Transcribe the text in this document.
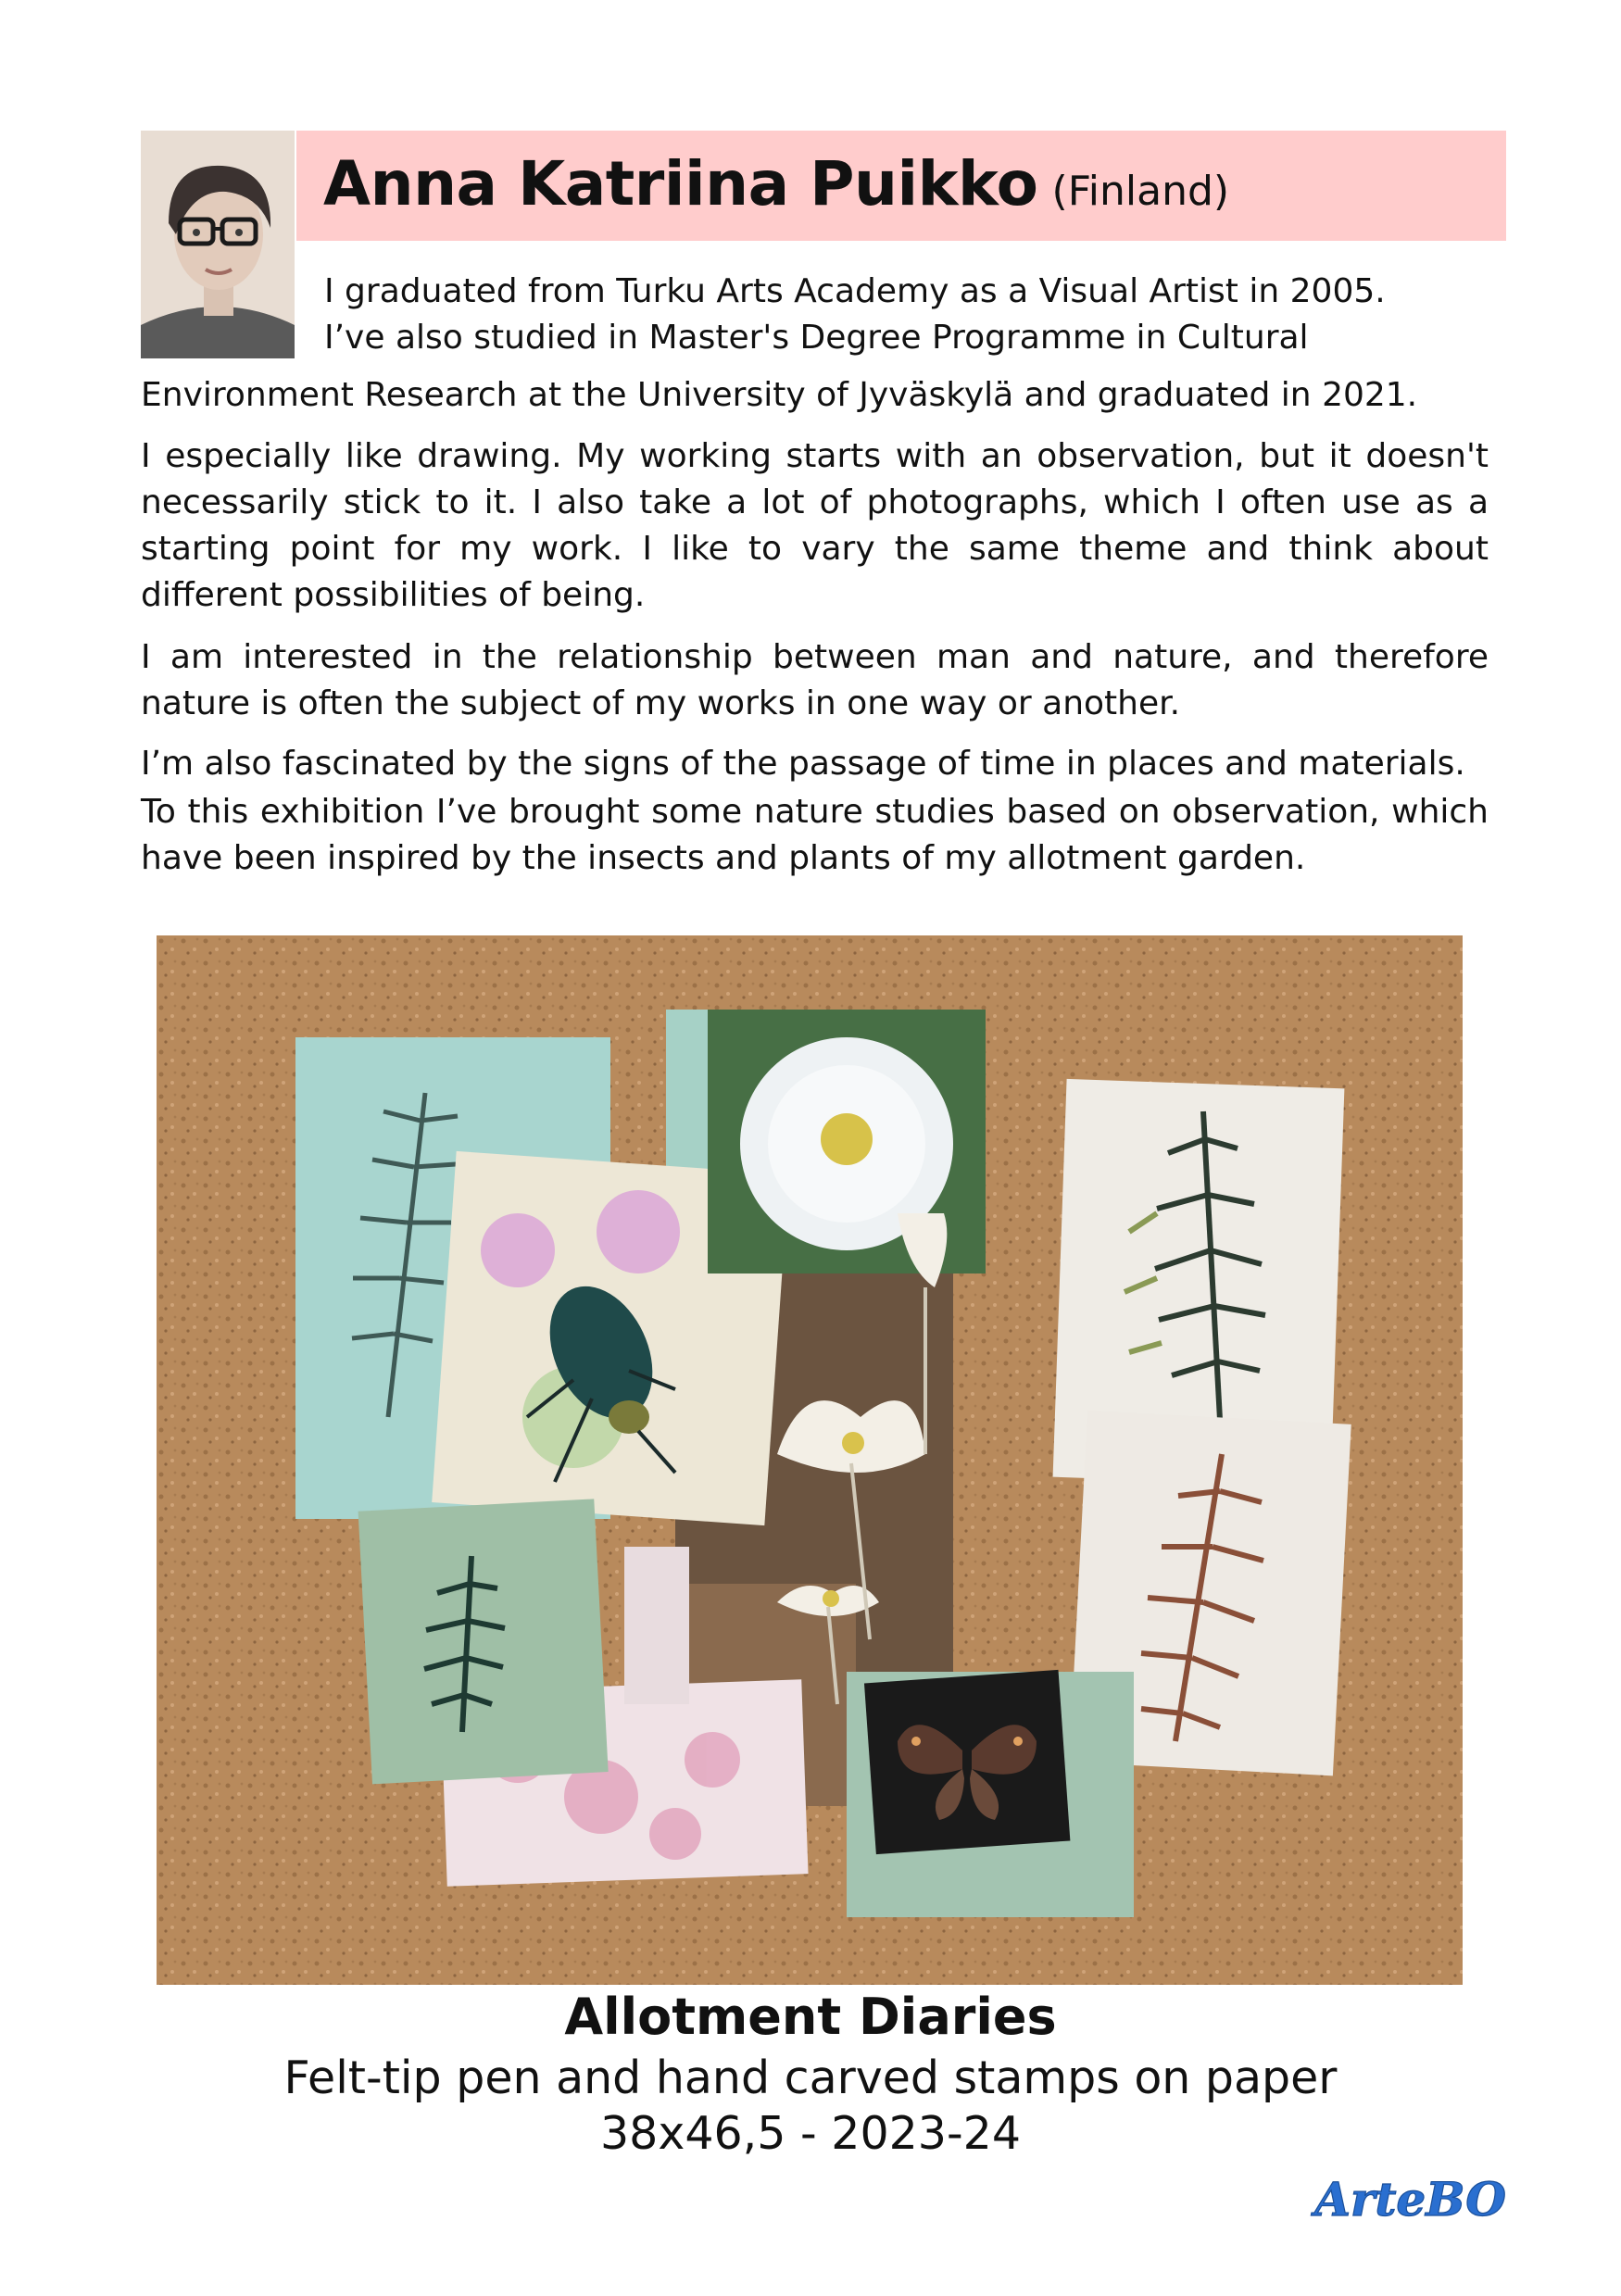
Anna Katriina Puikko (Finland)
I graduated from Turku Arts Academy as a Visual Artist in 2005.
I’ve also studied in Master's Degree Programme in Cultural
Environment Research at the University of Jyväskylä and graduated in 2021.

I especially like drawing. My working starts with an observation, but it doesn't necessarily stick to it. I also take a lot of photographs, which I often use as a starting point for my work. I like to vary the same theme and think about different possibilities of being.

I am interested in the relationship between man and nature, and therefore nature is often the subject of my works in one way or another.

I’m also fascinated by the signs of the passage of time in places and materials.

To this exhibition I’ve brought some nature studies based on observation, which have been inspired by the insects and plants of my allotment garden.

Allotment Diaries
Felt-tip pen and hand carved stamps on paper
38x46,5 - 2023-24
ArteBO
